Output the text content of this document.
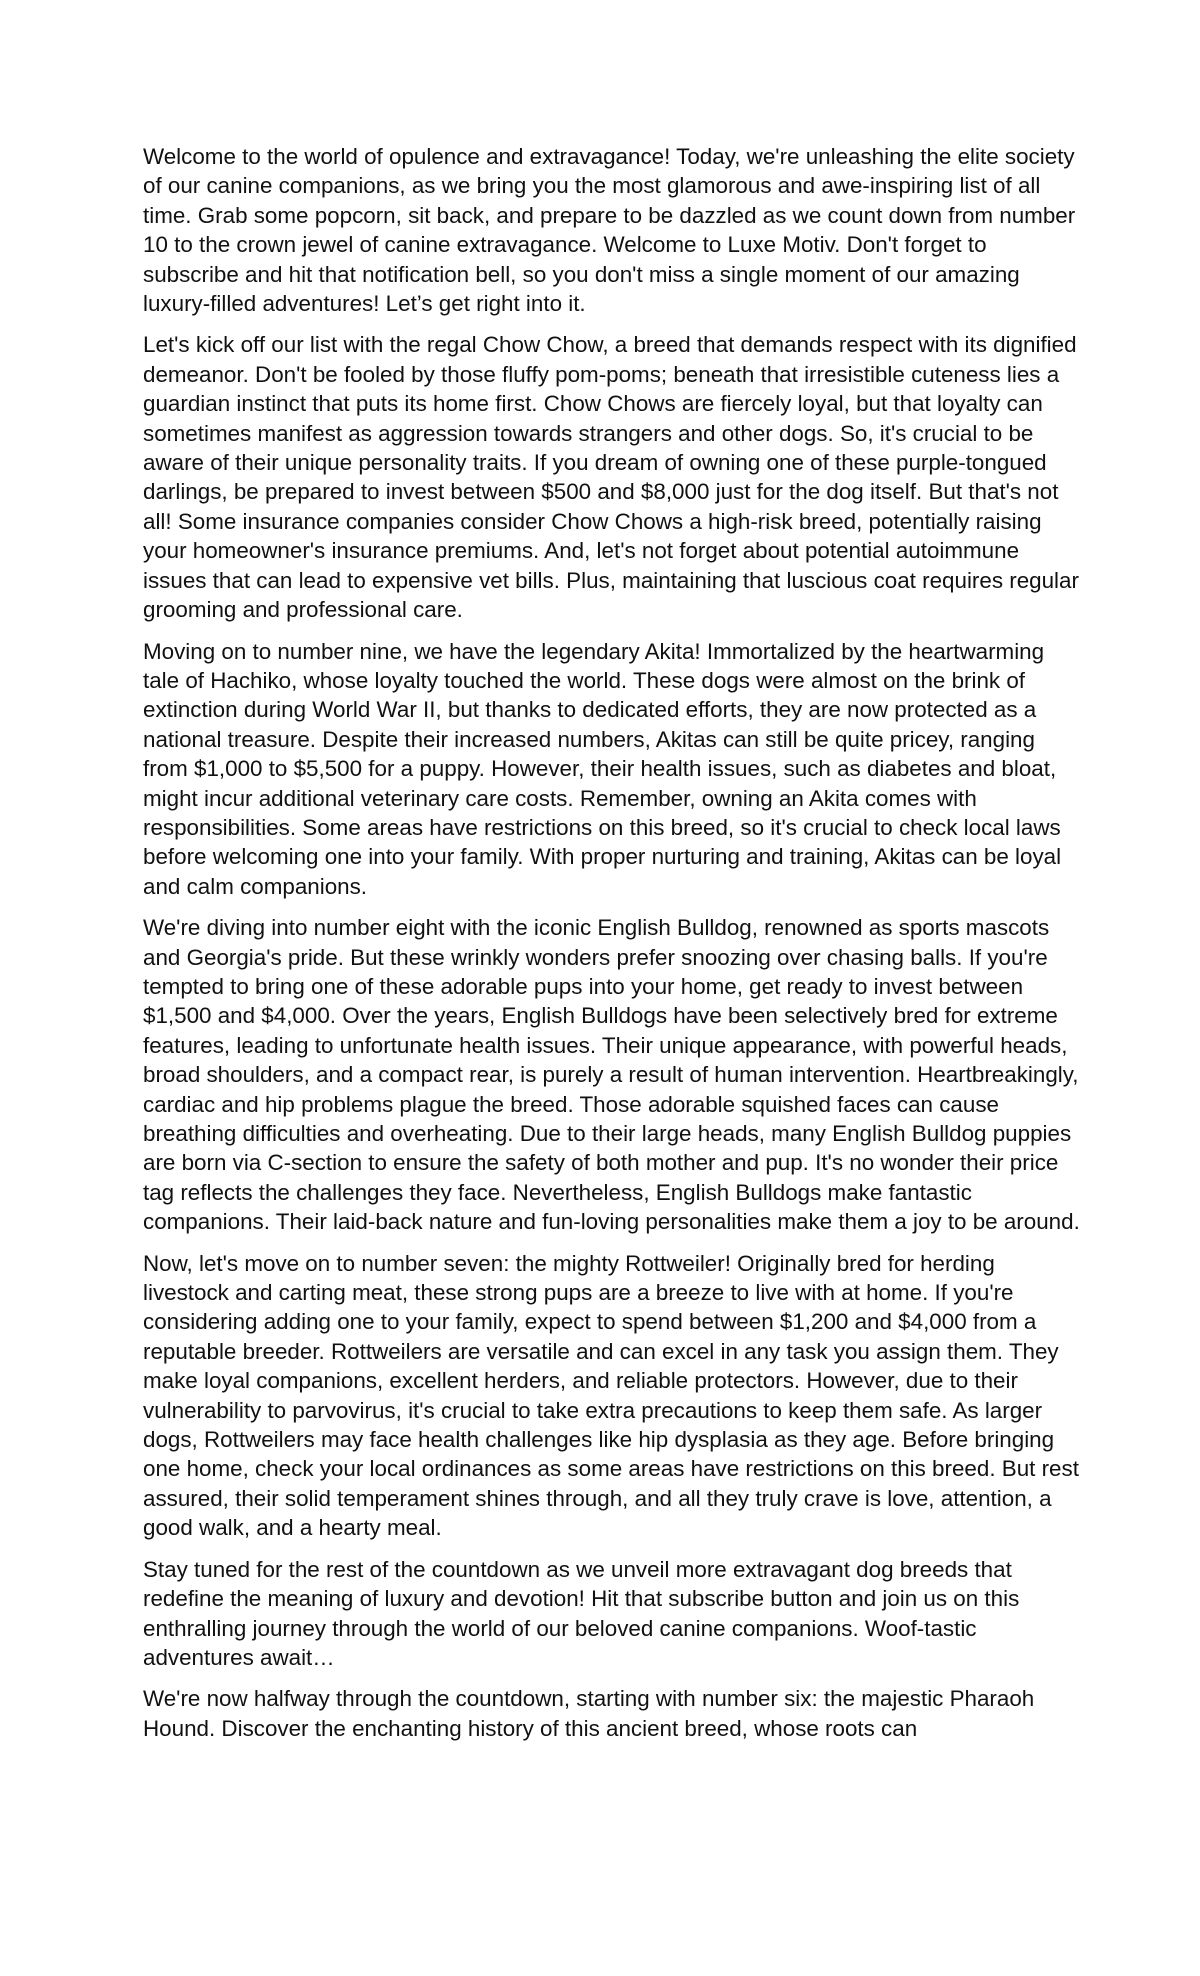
Welcome to the world of opulence and extravagance! Today, we're unleashing the elite society of our canine companions, as we bring you the most glamorous and awe-inspiring list of all time. Grab some popcorn, sit back, and prepare to be dazzled as we count down from number 10 to the crown jewel of canine extravagance. Welcome to Luxe Motiv. Don't forget to subscribe and hit that notification bell, so you don't miss a single moment of our amazing luxury-filled adventures! Let’s get right into it.

Let's kick off our list with the regal Chow Chow, a breed that demands respect with its dignified demeanor. Don't be fooled by those fluffy pom-poms; beneath that irresistible cuteness lies a guardian instinct that puts its home first. Chow Chows are fiercely loyal, but that loyalty can sometimes manifest as aggression towards strangers and other dogs. So, it's crucial to be aware of their unique personality traits. If you dream of owning one of these purple-tongued darlings, be prepared to invest between $500 and $8,000 just for the dog itself. But that's not all! Some insurance companies consider Chow Chows a high-risk breed, potentially raising your homeowner's insurance premiums. And, let's not forget about potential autoimmune issues that can lead to expensive vet bills. Plus, maintaining that luscious coat requires regular grooming and professional care.

Moving on to number nine, we have the legendary Akita! Immortalized by the heartwarming tale of Hachiko, whose loyalty touched the world. These dogs were almost on the brink of extinction during World War II, but thanks to dedicated efforts, they are now protected as a national treasure. Despite their increased numbers, Akitas can still be quite pricey, ranging from $1,000 to $5,500 for a puppy. However, their health issues, such as diabetes and bloat, might incur additional veterinary care costs. Remember, owning an Akita comes with responsibilities. Some areas have restrictions on this breed, so it's crucial to check local laws before welcoming one into your family. With proper nurturing and training, Akitas can be loyal and calm companions.

We're diving into number eight with the iconic English Bulldog, renowned as sports mascots and Georgia's pride. But these wrinkly wonders prefer snoozing over chasing balls. If you're tempted to bring one of these adorable pups into your home, get ready to invest between $1,500 and $4,000. Over the years, English Bulldogs have been selectively bred for extreme features, leading to unfortunate health issues. Their unique appearance, with powerful heads, broad shoulders, and a compact rear, is purely a result of human intervention. Heartbreakingly, cardiac and hip problems plague the breed. Those adorable squished faces can cause breathing difficulties and overheating. Due to their large heads, many English Bulldog puppies are born via C-section to ensure the safety of both mother and pup. It's no wonder their price tag reflects the challenges they face. Nevertheless, English Bulldogs make fantastic companions. Their laid-back nature and fun-loving personalities make them a joy to be around.

Now, let's move on to number seven: the mighty Rottweiler! Originally bred for herding livestock and carting meat, these strong pups are a breeze to live with at home. If you're considering adding one to your family, expect to spend between $1,200 and $4,000 from a reputable breeder. Rottweilers are versatile and can excel in any task you assign them. They make loyal companions, excellent herders, and reliable protectors. However, due to their vulnerability to parvovirus, it's crucial to take extra precautions to keep them safe. As larger dogs, Rottweilers may face health challenges like hip dysplasia as they age. Before bringing one home, check your local ordinances as some areas have restrictions on this breed. But rest assured, their solid temperament shines through, and all they truly crave is love, attention, a good walk, and a hearty meal.

Stay tuned for the rest of the countdown as we unveil more extravagant dog breeds that redefine the meaning of luxury and devotion! Hit that subscribe button and join us on this enthralling journey through the world of our beloved canine companions. Woof-tastic adventures await…

We're now halfway through the countdown, starting with number six: the majestic Pharaoh Hound. Discover the enchanting history of this ancient breed, whose roots can
